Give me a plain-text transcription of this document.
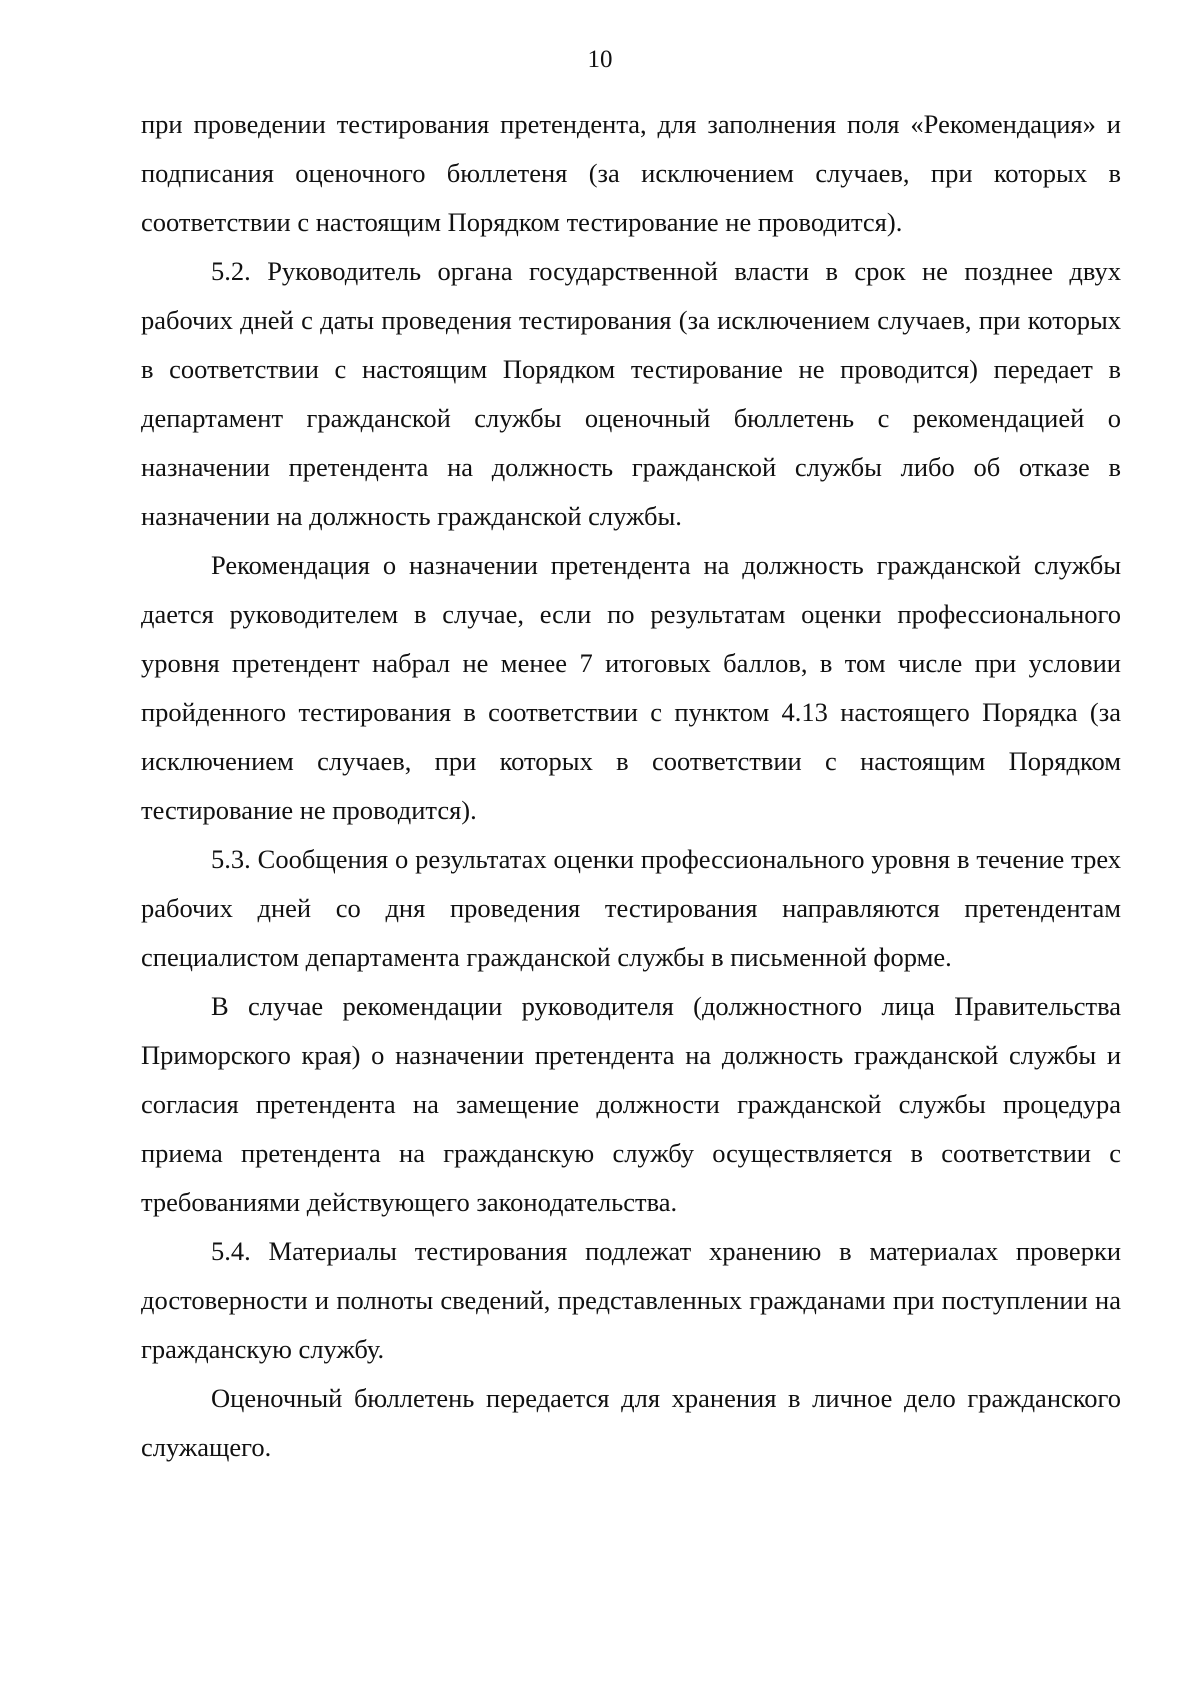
10

при проведении тестирования претендента, для заполнения поля «Рекомендация» и подписания оценочного бюллетеня (за исключением случаев, при которых в соответствии с настоящим Порядком тестирование не проводится).

5.2. Руководитель органа государственной власти в срок не позднее двух рабочих дней с даты проведения тестирования (за исключением случаев, при которых в соответствии с настоящим Порядком тестирование не проводится) передает в департамент гражданской службы оценочный бюллетень с рекомендацией о назначении претендента на должность гражданской службы либо об отказе в назначении на должность гражданской службы.

Рекомендация о назначении претендента на должность гражданской службы дается руководителем в случае, если по результатам оценки профессионального уровня претендент набрал не менее 7 итоговых баллов, в том числе при условии пройденного тестирования в соответствии с пунктом 4.13 настоящего Порядка (за исключением случаев, при которых в соответствии с настоящим Порядком тестирование не проводится).

5.3. Сообщения о результатах оценки профессионального уровня в течение трех рабочих дней со дня проведения тестирования направляются претендентам специалистом департамента гражданской службы в письменной форме.

В случае рекомендации руководителя (должностного лица Правительства Приморского края) о назначении претендента на должность гражданской службы и согласия претендента на замещение должности гражданской службы процедура приема претендента на гражданскую службу осуществляется в соответствии с требованиями действующего законодательства.

5.4. Материалы тестирования подлежат хранению в материалах проверки достоверности и полноты сведений, представленных гражданами при поступлении на гражданскую службу.

Оценочный бюллетень передается для хранения в личное дело гражданского служащего.
